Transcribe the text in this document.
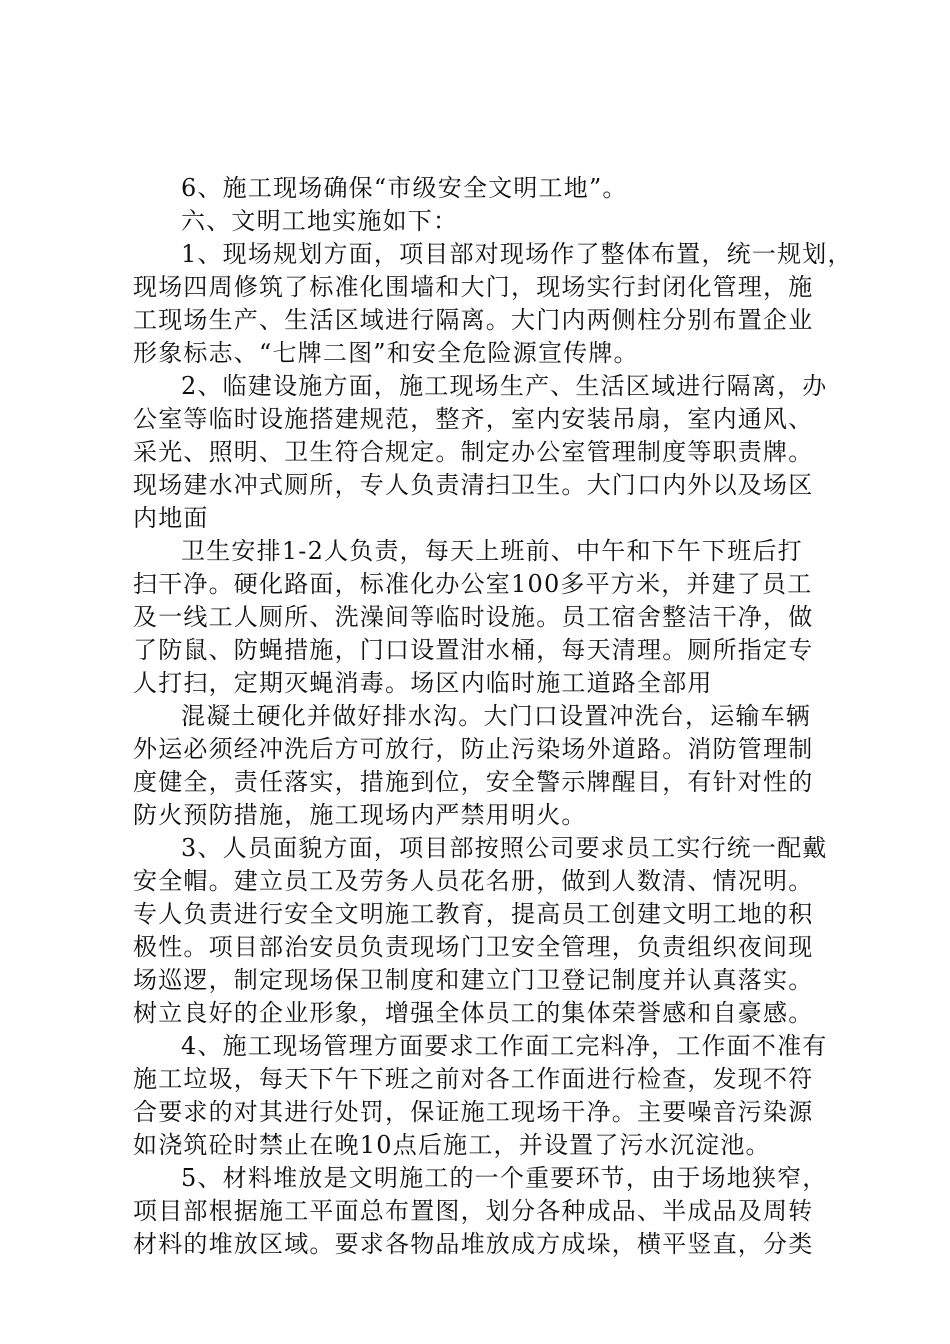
6、施工现场确保“市级安全文明工地”。

六、文明工地实施如下：

1、现场规划方面，项目部对现场作了整体布置，统一规划，
现场四周修筑了标准化围墙和大门，现场实行封闭化管理，施
工现场生产、生活区域进行隔离。大门内两侧柱分别布置企业
形象标志、“七牌二图”和安全危险源宣传牌。

2、临建设施方面，施工现场生产、生活区域进行隔离，办
公室等临时设施搭建规范，整齐，室内安装吊扇，室内通风、
采光、照明、卫生符合规定。制定办公室管理制度等职责牌。
现场建水冲式厕所，专人负责清扫卫生。大门口内外以及场区
内地面

卫生安排1-2人负责，每天上班前、中午和下午下班后打
扫干净。硬化路面，标准化办公室100多平方米，并建了员工
及一线工人厕所、洗澡间等临时设施。员工宿舍整洁干净，做
了防鼠、防蝇措施，门口设置泔水桶，每天清理。厕所指定专
人打扫，定期灭蝇消毒。场区内临时施工道路全部用

混凝土硬化并做好排水沟。大门口设置冲洗台，运输车辆
外运必须经冲洗后方可放行，防止污染场外道路。消防管理制
度健全，责任落实，措施到位，安全警示牌醒目，有针对性的
防火预防措施，施工现场内严禁用明火。

3、人员面貌方面，项目部按照公司要求员工实行统一配戴
安全帽。建立员工及劳务人员花名册，做到人数清、情况明。
专人负责进行安全文明施工教育，提高员工创建文明工地的积
极性。项目部治安员负责现场门卫安全管理，负责组织夜间现
场巡逻，制定现场保卫制度和建立门卫登记制度并认真落实。
树立良好的企业形象，增强全体员工的集体荣誉感和自豪感。

4、施工现场管理方面要求工作面工完料净，工作面不准有
施工垃圾，每天下午下班之前对各工作面进行检查，发现不符
合要求的对其进行处罚，保证施工现场干净。主要噪音污染源
如浇筑砼时禁止在晚10点后施工，并设置了污水沉淀池。

5、材料堆放是文明施工的一个重要环节，由于场地狭窄，
项目部根据施工平面总布置图，划分各种成品、半成品及周转
材料的堆放区域。要求各物品堆放成方成垛，横平竖直，分类
